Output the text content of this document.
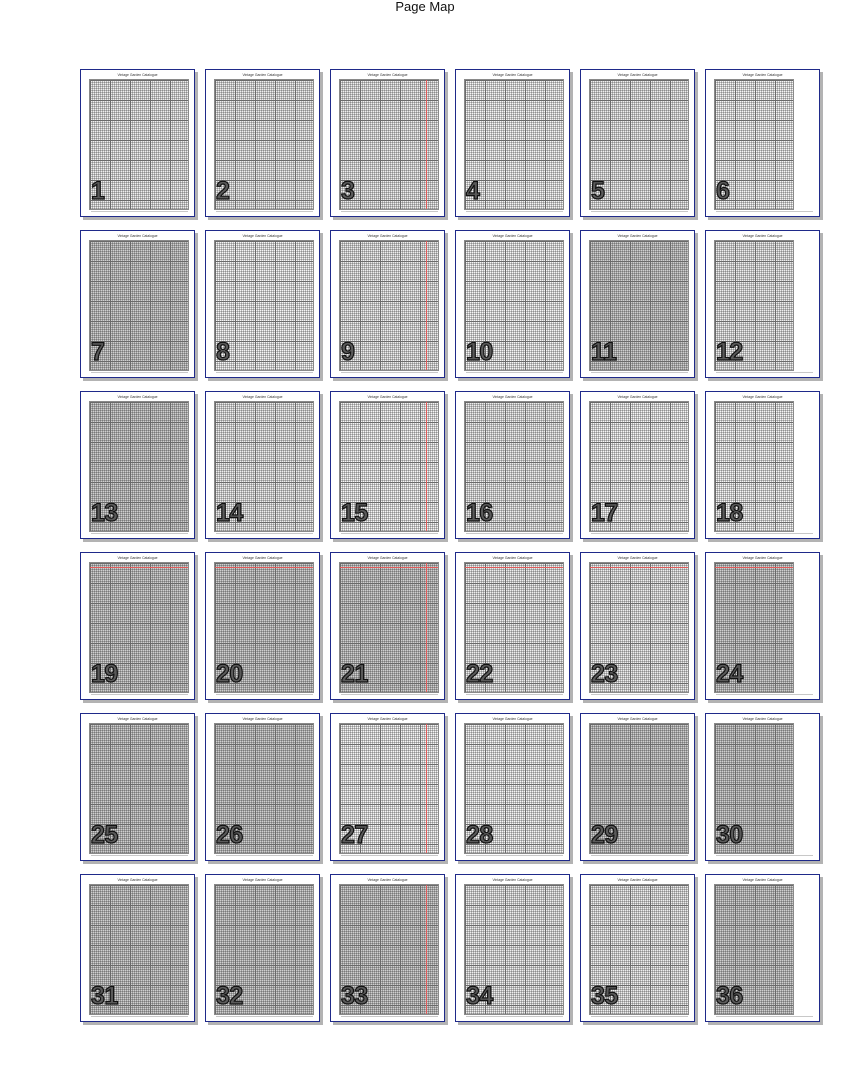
Page Map
Vintage Garden Catalogue
1
Vintage Garden Catalogue
2
Vintage Garden Catalogue
3
Vintage Garden Catalogue
4
Vintage Garden Catalogue
5
Vintage Garden Catalogue
6
Vintage Garden Catalogue
7
Vintage Garden Catalogue
8
Vintage Garden Catalogue
9
Vintage Garden Catalogue
10
Vintage Garden Catalogue
11
Vintage Garden Catalogue
12
Vintage Garden Catalogue
13
Vintage Garden Catalogue
14
Vintage Garden Catalogue
15
Vintage Garden Catalogue
16
Vintage Garden Catalogue
17
Vintage Garden Catalogue
18
Vintage Garden Catalogue
19
Vintage Garden Catalogue
20
Vintage Garden Catalogue
21
Vintage Garden Catalogue
22
Vintage Garden Catalogue
23
Vintage Garden Catalogue
24
Vintage Garden Catalogue
25
Vintage Garden Catalogue
26
Vintage Garden Catalogue
27
Vintage Garden Catalogue
28
Vintage Garden Catalogue
29
Vintage Garden Catalogue
30
Vintage Garden Catalogue
31
Vintage Garden Catalogue
32
Vintage Garden Catalogue
33
Vintage Garden Catalogue
34
Vintage Garden Catalogue
35
Vintage Garden Catalogue
36
